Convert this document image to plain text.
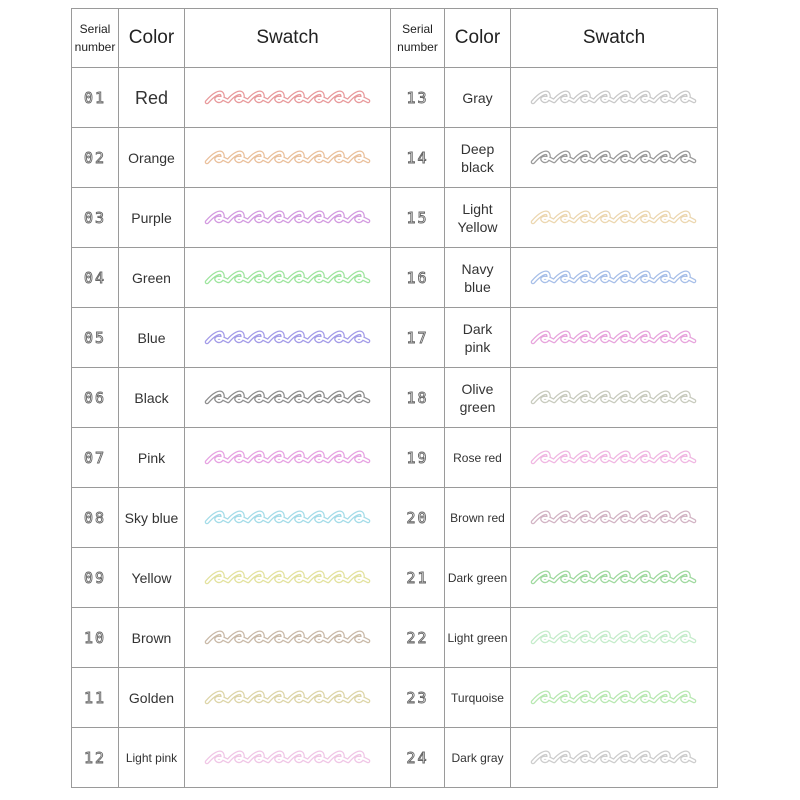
Serial
number	Color	Swatch	Serial
number	Color	Swatch
01	Red		13	Gray	

02	Orange		14	Deep
black	

03	Purple		15	Light
Yellow	

04	Green		16	Navy
blue	

05	Blue		17	Dark
pink	

06	Black		18	Olive
green	

07	Pink		19	Rose red	

08	Sky blue		20	Brown red	

09	Yellow		21	Dark green	

10	Brown		22	Light green	

11	Golden		23	Turquoise	

12	Light pink		24	Dark gray	
